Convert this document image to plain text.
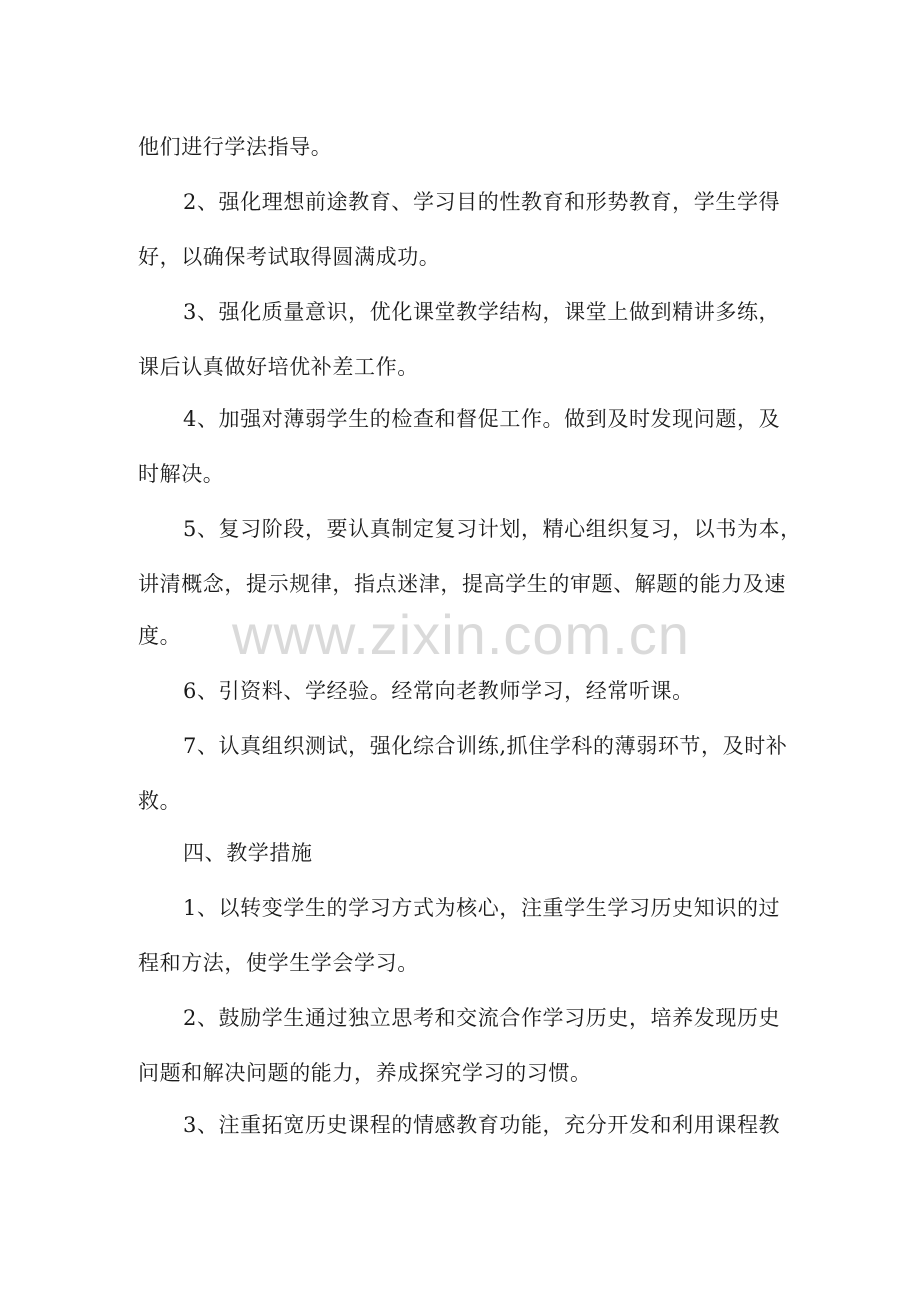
他们进行学法指导。
2、强化理想前途教育、学习目的性教育和形势教育，学生学得
好，以确保考试取得圆满成功。
3、强化质量意识，优化课堂教学结构，课堂上做到精讲多练，
课后认真做好培优补差工作。
4、加强对薄弱学生的检查和督促工作。做到及时发现问题，及
时解决。
5、复习阶段，要认真制定复习计划，精心组织复习，以书为本，
讲清概念，提示规律，指点迷津，提高学生的审题、解题的能力及速
度。
6、引资料、学经验。经常向老教师学习，经常听课。
7、认真组织测试，强化综合训练,抓住学科的薄弱环节，及时补
救。
四、教学措施
1、以转变学生的学习方式为核心，注重学生学习历史知识的过
程和方法，使学生学会学习。
2、鼓励学生通过独立思考和交流合作学习历史，培养发现历史
问题和解决问题的能力，养成探究学习的习惯。
3、注重拓宽历史课程的情感教育功能，充分开发和利用课程教
www.zixin.com.cn
